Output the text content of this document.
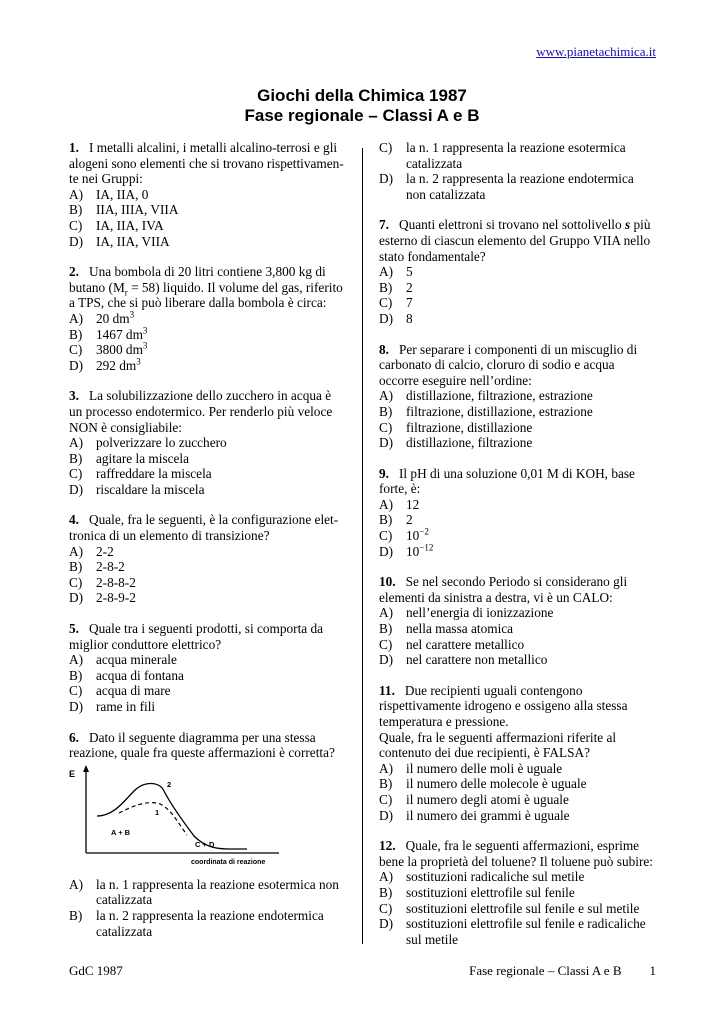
www.pianetachimica.it
Giochi della Chimica 1987
Fase regionale – Classi A e B
1. I metalli alcalini, i metalli alcalino-terrosi e gli alogeni sono elementi che si trovano rispettivamen-te nei Gruppi:
A) IA, IIA, 0
B)	IIA, IIIA, VIIA
C)	IA, IIA, IVA
D) IA, IIA, VIIA
2. Una bombola di 20 litri contiene 3,800 kg di butano $(M_r = 58)$ liquido. Il volume del gas, riferito a TPS, che si può liberare dalla bombola è circa:
A) 20 $dm^3$
B)	1467 $dm^3$
C)	3800 $dm^3$
D) 292 $dm^3$
3. La solubilizzazione dello zucchero in acqua è un processo endotermico. Per renderlo più veloce NON è consigliabile:
A) polverizzare lo zucchero
B)	agitare la miscela
C)	raffreddare la miscela
D) riscaldare la miscela
4. Quale, fra le seguenti, è la configurazione elet-tronica di un elemento di transizione?
A) 2-2
B)	2-8-2
C)	2-8-8-2
D) 2-8-9-2
5. Quale tra i seguenti prodotti, si comporta da miglior conduttore elettrico?
A) acqua minerale
B)	acqua di fontana
C)	acqua di mare
D) rame in fili
6. Dato il seguente diagramma per una stessa reazione, quale fra queste affermazioni è corretta?
E
A + B
C + D
2
1
coordinata di reazione
A) la n. 1 rappresenta la reazione esotermica non catalizzata
B)	la n. 2 rappresenta la reazione endotermica catalizzata
C)	la n. 1 rappresenta la reazione esotermica catalizzata
D) la n. 2 rappresenta la reazione endotermica non catalizzata
7. Quanti elettroni si trovano nel sottolivello s più esterno di ciascun elemento del Gruppo VIIA nello stato fondamentale?
A) 5
B)	2
C)	7
D) 8
8. Per separare i componenti di un miscuglio di carbonato di calcio, cloruro di sodio e acqua occorre eseguire nell’ordine:
A) distillazione, filtrazione, estrazione
B)	filtrazione, distillazione, estrazione
C)	filtrazione, distillazione
D) distillazione, filtrazione
9. Il pH di una soluzione 0,01 M di KOH, base forte, è:
A) 12
B)	2
C)	$10^{-2}$
D) $10^{-12}$
10. Se nel secondo Periodo si considerano gli elementi da sinistra a destra, vi è un CALO:
A) nell’energia di ionizzazione
B)	nella massa atomica
C)	nel carattere metallico
D) nel carattere non metallico
11. Due recipienti uguali contengono rispettivamente idrogeno e ossigeno alla stessa temperatura e pressione.
Quale, fra le seguenti affermazioni riferite al contenuto dei due recipienti, è FALSA?
A) il numero delle moli è uguale
B)	il numero delle molecole è uguale
C)	il numero degli atomi è uguale
D) il numero dei grammi è uguale
12. Quale, fra le seguenti affermazioni, esprime bene la proprietà del toluene? Il toluene può subire:
A) sostituzioni radicaliche sul metile
B)	sostituzioni elettrofile sul fenile
C)	sostituzioni elettrofile sul fenile e sul metile
D) sostituzioni elettrofile sul fenile e radicaliche sul metile
GdC 1987	Fase regionale – Classi A e B 1
